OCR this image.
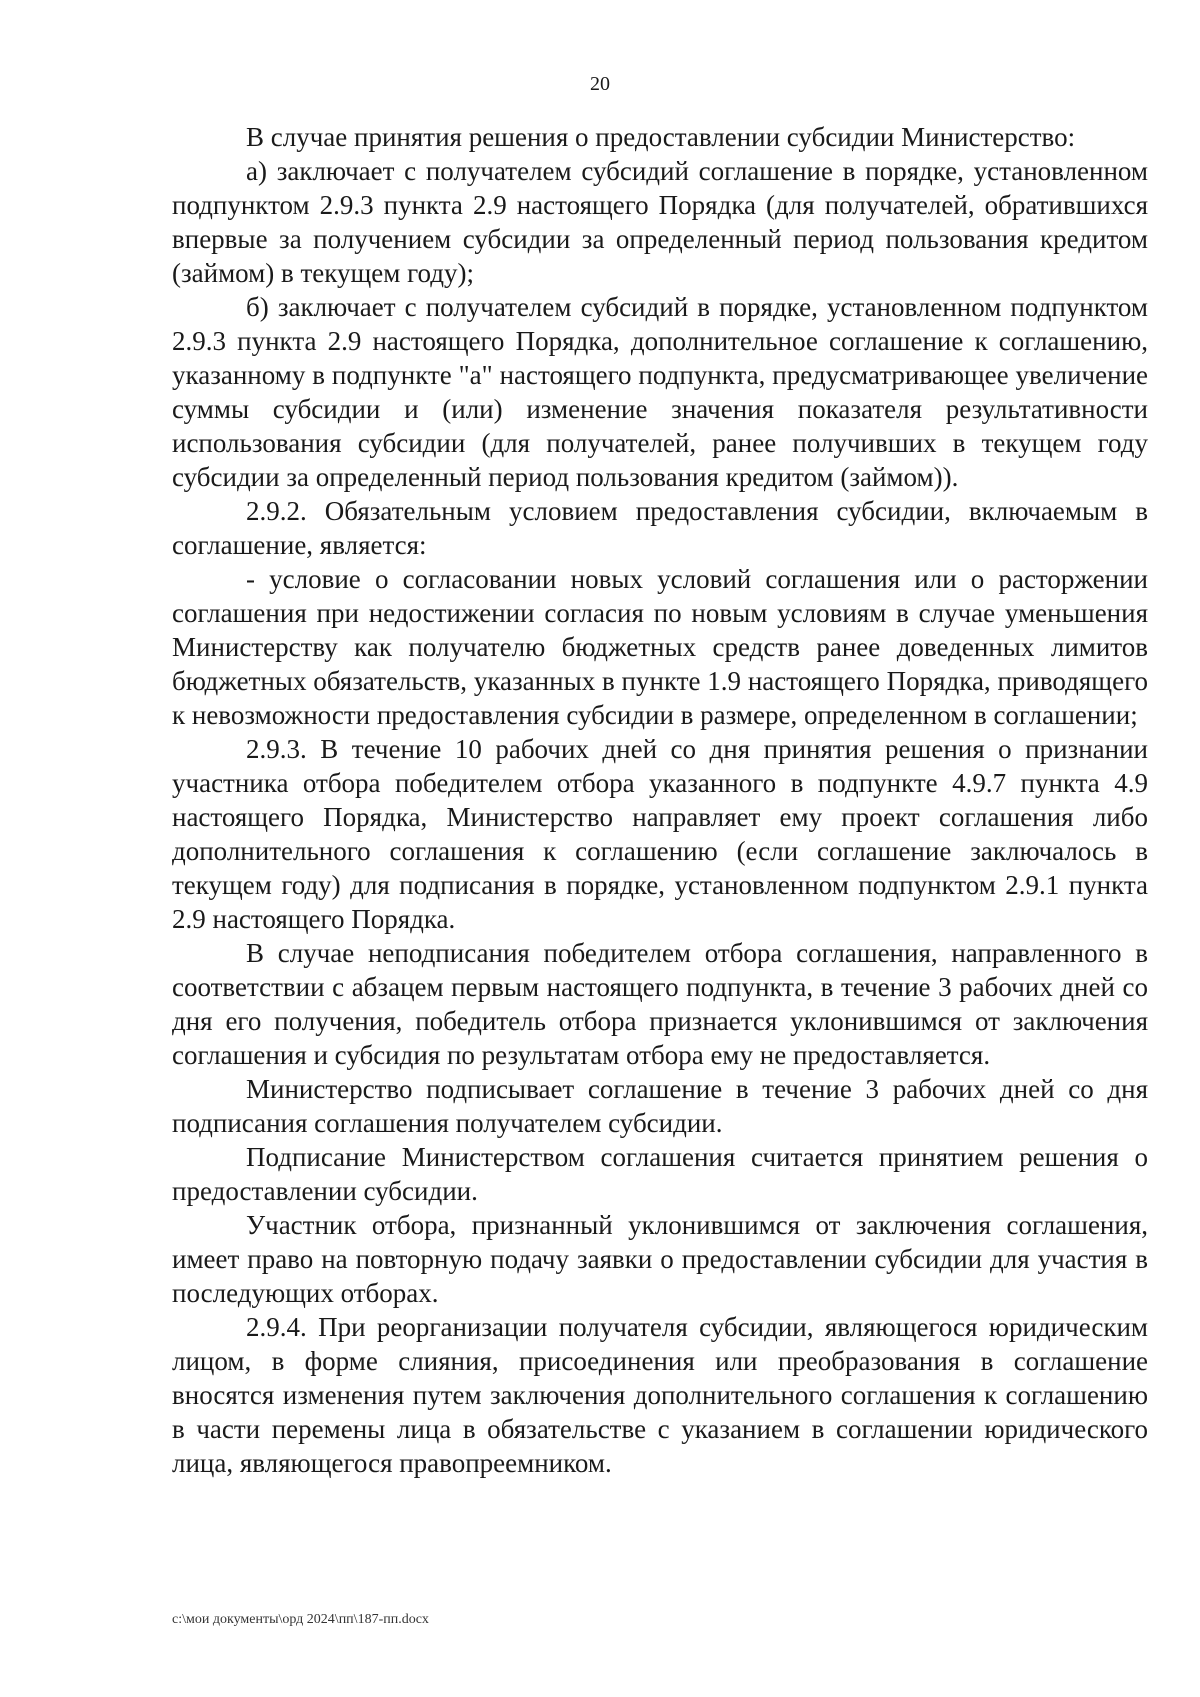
20

В случае принятия решения о предоставлении субсидии Министерство:

а) заключает с получателем субсидий соглашение в порядке, установленном подпунктом 2.9.3 пункта 2.9 настоящего Порядка (для получателей, обратившихся впервые за получением субсидии за определенный период пользования кредитом (займом) в текущем году);

б) заключает с получателем субсидий в порядке, установленном подпунктом 2.9.3 пункта 2.9 настоящего Порядка, дополнительное соглашение к соглашению, указанному в подпункте "а" настоящего подпункта, предусматривающее увеличение суммы субсидии и (или) изменение значения показателя результативности использования субсидии (для получателей, ранее получивших в текущем году субсидии за определенный период пользования кредитом (займом)).

2.9.2. Обязательным условием предоставления субсидии, включаемым в соглашение, является:

- условие о согласовании новых условий соглашения или о расторжении соглашения при недостижении согласия по новым условиям в случае уменьшения Министерству как получателю бюджетных средств ранее доведенных лимитов бюджетных обязательств, указанных в пункте 1.9 настоящего Порядка, приводящего к невозможности предоставления субсидии в размере, определенном в соглашении;

2.9.3. В течение 10 рабочих дней со дня принятия решения о признании участника отбора победителем отбора указанного в подпункте 4.9.7 пункта 4.9 настоящего Порядка, Министерство направляет ему проект соглашения либо дополнительного соглашения к соглашению (если соглашение заключалось в текущем году) для подписания в порядке, установленном подпунктом 2.9.1 пункта 2.9 настоящего Порядка.

В случае неподписания победителем отбора соглашения, направленного в соответствии с абзацем первым настоящего подпункта, в течение 3 рабочих дней со дня его получения, победитель отбора признается уклонившимся от заключения соглашения и субсидия по результатам отбора ему не предоставляется.

Министерство подписывает соглашение в течение 3 рабочих дней со дня подписания соглашения получателем субсидии.

Подписание Министерством соглашения считается принятием решения о предоставлении субсидии.

Участник отбора, признанный уклонившимся от заключения соглашения, имеет право на повторную подачу заявки о предоставлении субсидии для участия в последующих отборах.

2.9.4. При реорганизации получателя субсидии, являющегося юридическим лицом, в форме слияния, присоединения или преобразования в соглашение вносятся изменения путем заключения дополнительного соглашения к соглашению в части перемены лица в обязательстве с указанием в соглашении юридического лица, являющегося правопреемником.

c:\мои документы\орд 2024\пп\187-пп.docx
